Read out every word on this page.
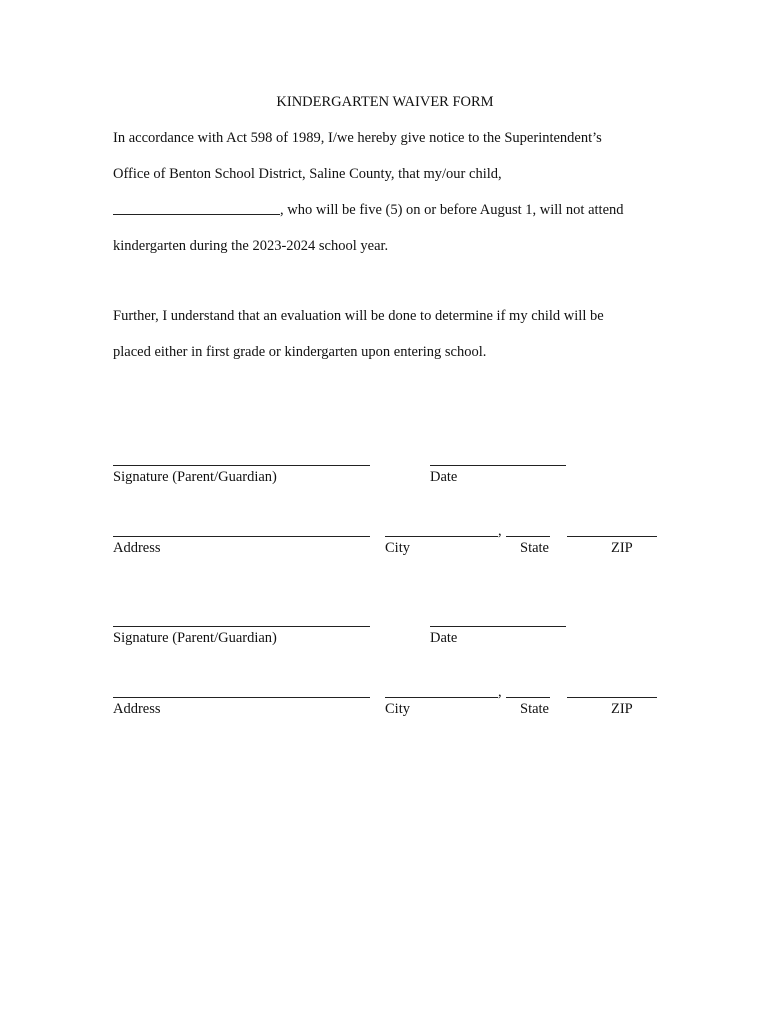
KINDERGARTEN WAIVER FORM
In accordance with Act 598 of 1989, I/we hereby give notice to the Superintendent’s
Office of Benton School District, Saline County, that my/our child,
, who will be five (5) on or before August 1, will not attend
kindergarten during the 2023-2024 school year.
Further, I understand that an evaluation will be done to determine if my child will be
placed either in first grade or kindergarten upon entering school.
Signature (Parent/Guardian)	Date
,
Address	City	State	ZIP
Signature (Parent/Guardian)	Date
,
Address	City	State	ZIP
